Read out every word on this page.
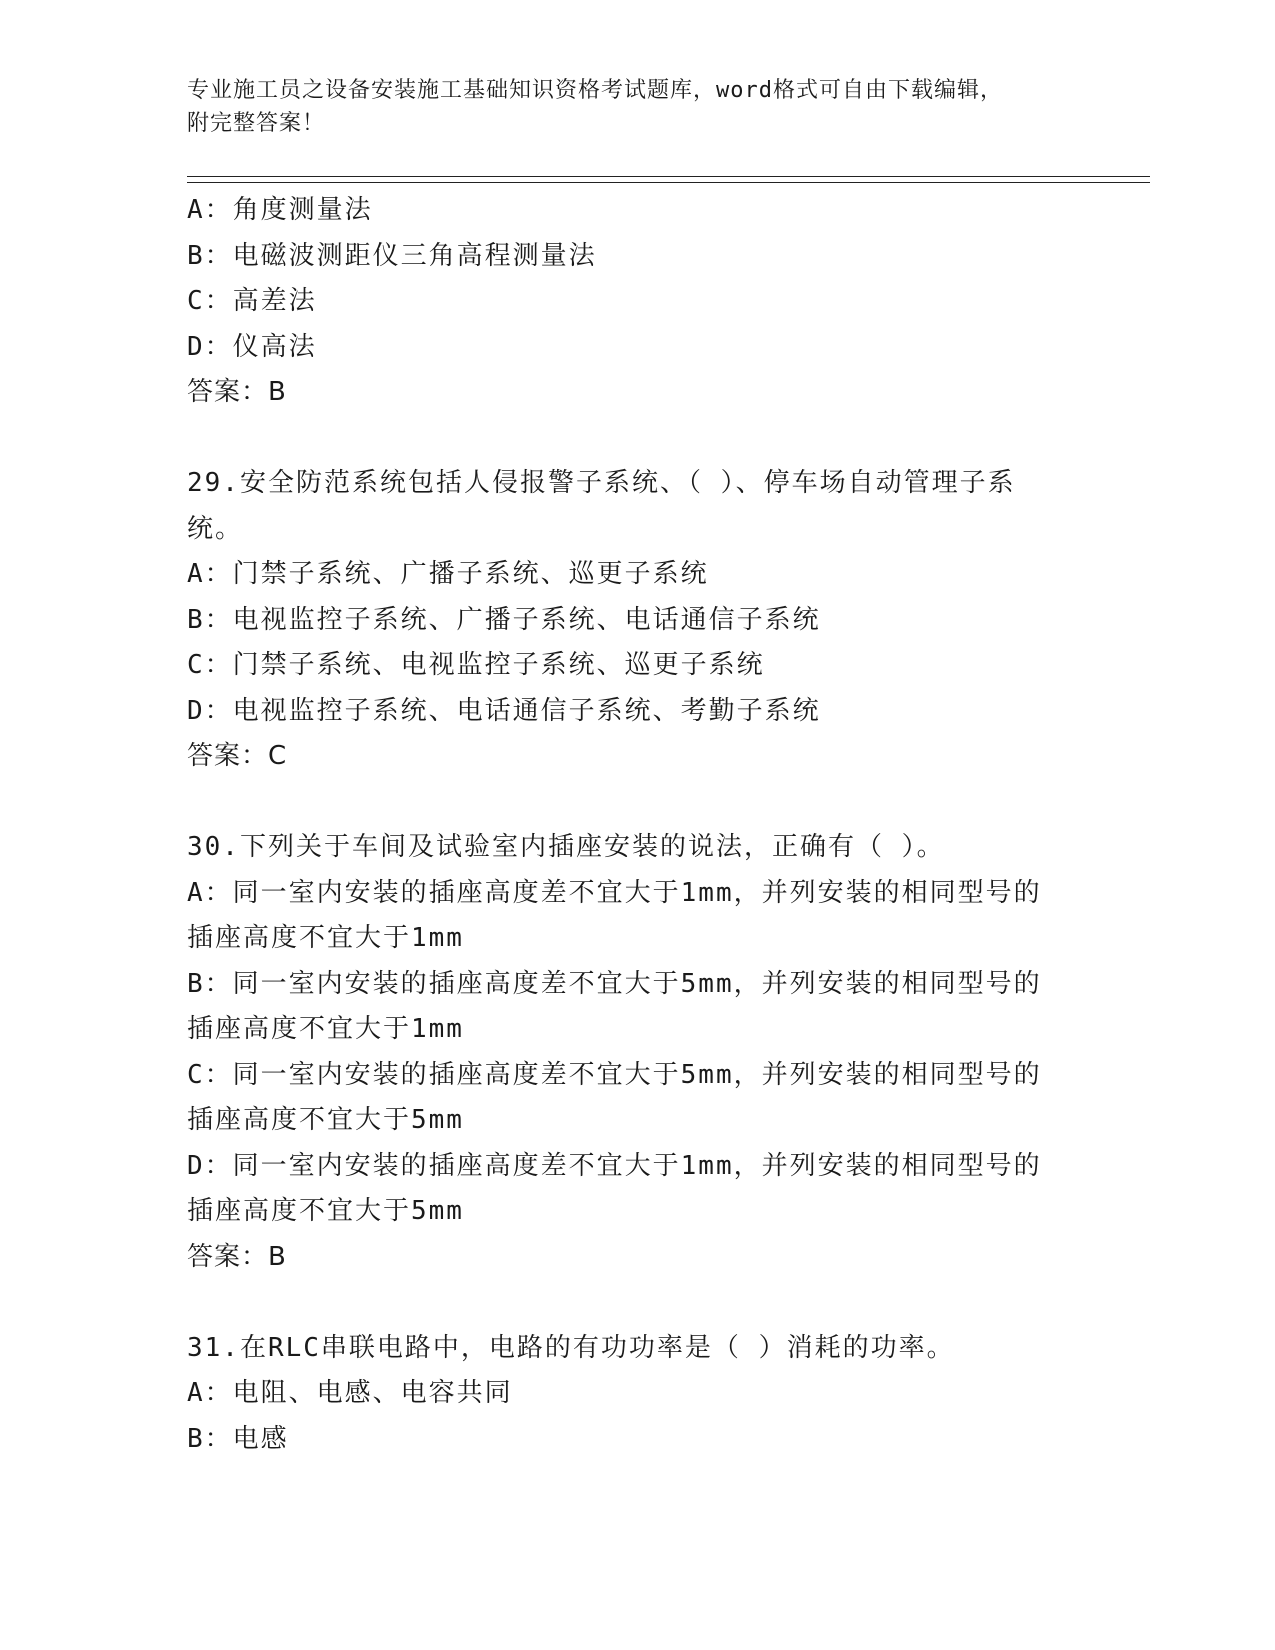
专业施工员之设备安装施工基础知识资格考试题库，word格式可自由下载编辑，
附完整答案！
A：角度测量法
B：电磁波测距仪三角高程测量法
C：高差法
D：仪高法
答案：B
29.安全防范系统包括人侵报警子系统、（ ）、停车场自动管理子系
统。
A：门禁子系统、广播子系统、巡更子系统
B：电视监控子系统、广播子系统、电话通信子系统
C：门禁子系统、电视监控子系统、巡更子系统
D：电视监控子系统、电话通信子系统、考勤子系统
答案：C
30.下列关于车间及试验室内插座安装的说法，正确有（ ）。
A：同一室内安装的插座高度差不宜大于1mm，并列安装的相同型号的
插座高度不宜大于1mm
B：同一室内安装的插座高度差不宜大于5mm，并列安装的相同型号的
插座高度不宜大于1mm
C：同一室内安装的插座高度差不宜大于5mm，并列安装的相同型号的
插座高度不宜大于5mm
D：同一室内安装的插座高度差不宜大于1mm，并列安装的相同型号的
插座高度不宜大于5mm
答案：B
31.在RLC串联电路中，电路的有功功率是（ ）消耗的功率。
A：电阻、电感、电容共同
B：电感
